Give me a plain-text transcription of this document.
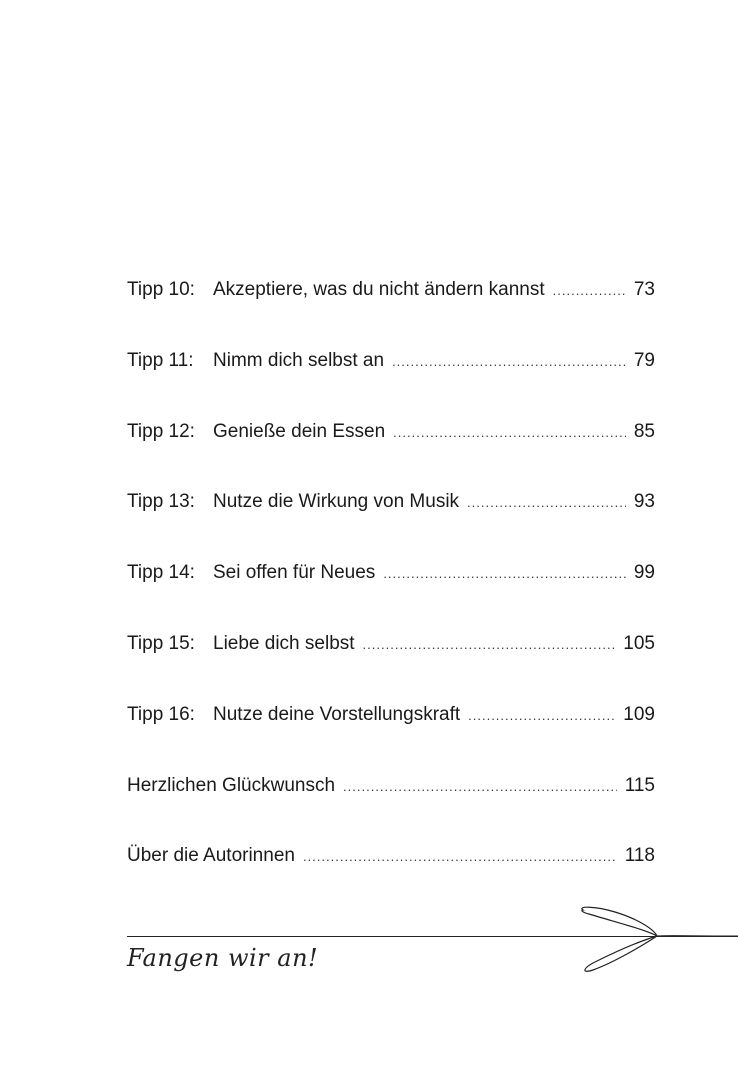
Tipp 10: Akzeptiere, was du nicht ändern kannst .....	73
Tipp 11:	Nimm dich selbst an .....	79
Tipp 12: Genieße dein Essen .....	85
Tipp 13: Nutze die Wirkung von Musik .....	93
Tipp 14: Sei offen für Neues .....	99
Tipp 15: Liebe dich selbst .....	105
Tipp 16: Nutze deine Vorstellungskraft .....	109
Herzlichen Glückwunsch .....	115
Über die Autorinnen .....	118
Fangen wir an!
